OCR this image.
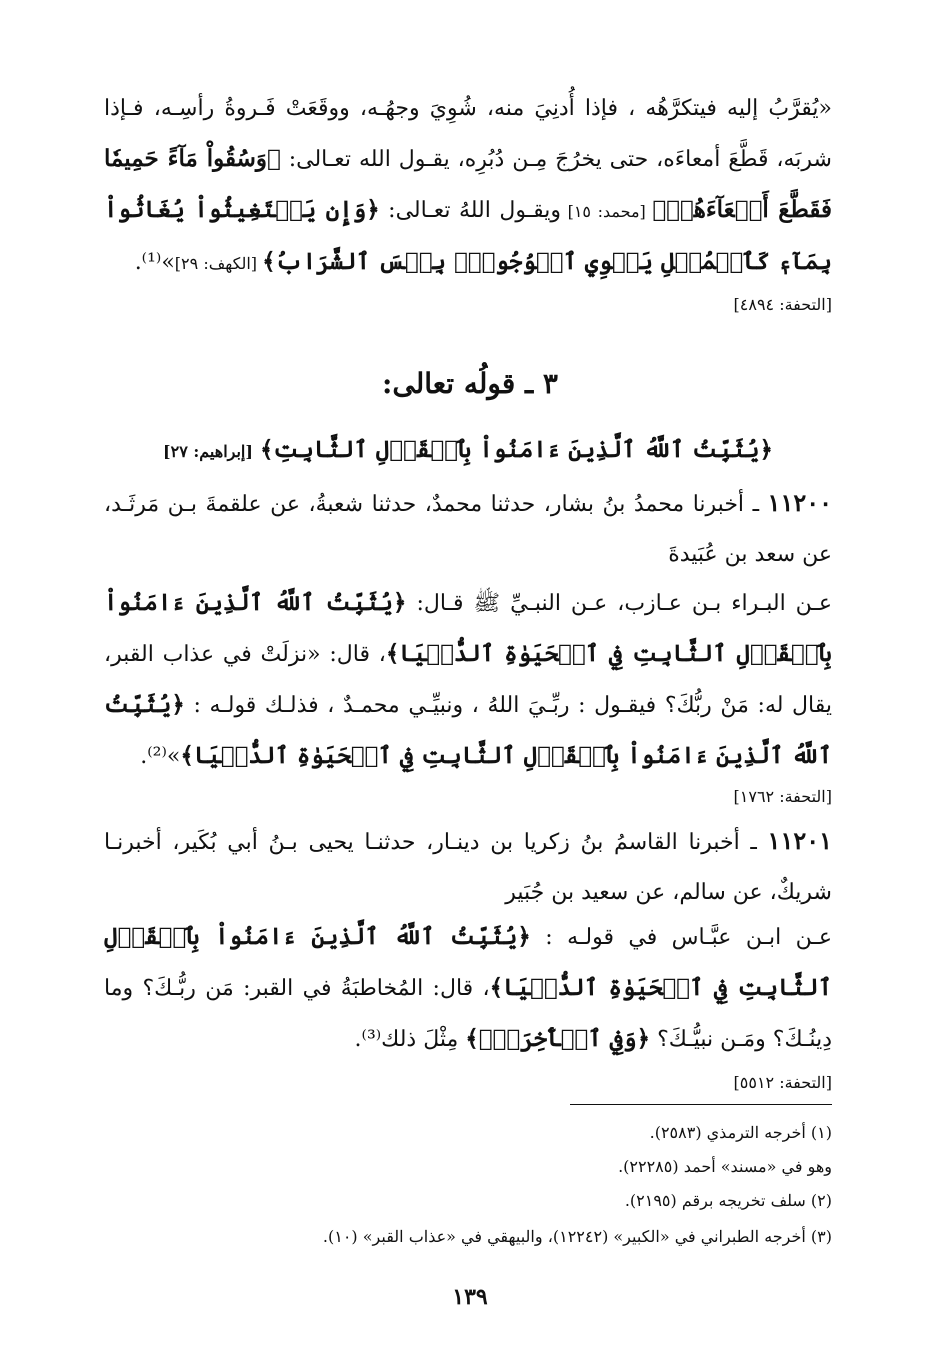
«يُقرَّبُ إليه فيتكرَّهُه ، فإذا أُدنِيَ منه، شُوِيَ وجهُـه، ووقَعَتْ فَـروةُ رأسِـه، فـإذا شربَه، قَطَّعَ أمعاءَه، حتى يخرُجَ مِـن دُبُرِه، يقـول الله تعـالى: ﴿وَسُقُواْ مَآءً حَمِيمٗا فَقَطَّعَ أَمۡعَآءَهُمۡ﴾ [محمد: ١٥] ويقـول اللهُ تعـالى: ﴿وَإِن يَسۡتَغِيثُواْ يُغَاثُواْ بِمَآءٖ كَٱلۡمُهۡلِ يَشۡوِي ٱلۡوُجُوهَۚ بِئۡسَ ٱلشَّرَابُ﴾ [الكهف: ٢٩]»⁽¹⁾.
[التحفة: ٤٨٩٤]
٣ ـ قولُه تعالى:
﴿يُثَبِّتُ ٱللَّهُ ٱلَّذِينَ ءَامَنُواْ بِٱلۡقَوۡلِ ٱلثَّابِتِ﴾ [إبراهيم: ٢٧]
١١٢٠٠ ـ أخبرنا محمدُ بنُ بشار، حدثنا محمدٌ، حدثنا شعبةُ، عن علقمةَ بـن مَرثَـد، عن سعد بن عُبَيدةَ
عـن البـراء بـن عـازب، عـن النبـيِّ ﷺ قـال: ﴿يُثَبِّتُ ٱللَّهُ ٱلَّذِينَ ءَامَنُواْ بِٱلۡقَوۡلِ ٱلثَّابِتِ فِي ٱلۡحَيَوٰةِ ٱلدُّنۡيَا﴾، قال: «نزلَتْ في عذاب القبر، يقال له: مَنْ ربُّكَ؟ فيقـول : ربِّـيَ اللهُ ، ونبيِّـي محمـدٌ ، فذلـك قولـه : ﴿يُثَبِّتُ ٱللَّهُ ٱلَّذِينَ ءَامَنُواْ بِٱلۡقَوۡلِ ٱلثَّابِتِ فِي ٱلۡحَيَوٰةِ ٱلدُّنۡيَا﴾»⁽²⁾.
[التحفة: ١٧٦٢]
١١٢٠١ ـ أخبرنا القاسمُ بنُ زكريا بن دينـار، حدثنـا يحيى بـنُ أبي بُكَير، أخبرنـا شريكٌ، عن سالم، عن سعيد بن جُبَير
عـن ابـن عبَّـاس في قولـه : ﴿يُثَبِّتُ ٱللَّهُ ٱلَّذِينَ ءَامَنُواْ بِٱلۡقَوۡلِ ٱلثَّابِتِ فِي ٱلۡحَيَوٰةِ ٱلدُّنۡيَا﴾، قال: المُخاطبَةُ في القبر: مَن ربُّـكَ؟ وما دِينُـكَ؟ ومَـن نبيُّـكَ؟ ﴿وَفِي ٱلۡأٓخِرَةِۖ﴾ مِثْلَ ذلك⁽³⁾.
[التحفة: ٥٥١٢]
(١) أخرجه الترمذي (٢٥٨٣).
وهو في «مسند» أحمد (٢٢٢٨٥).
(٢) سلف تخريجه برقم (٢١٩٥).
(٣) أخرجه الطبراني في «الكبير» (١٢٢٤٢)، والبيهقي في «عذاب القبر» (١٠).
١٣٩
